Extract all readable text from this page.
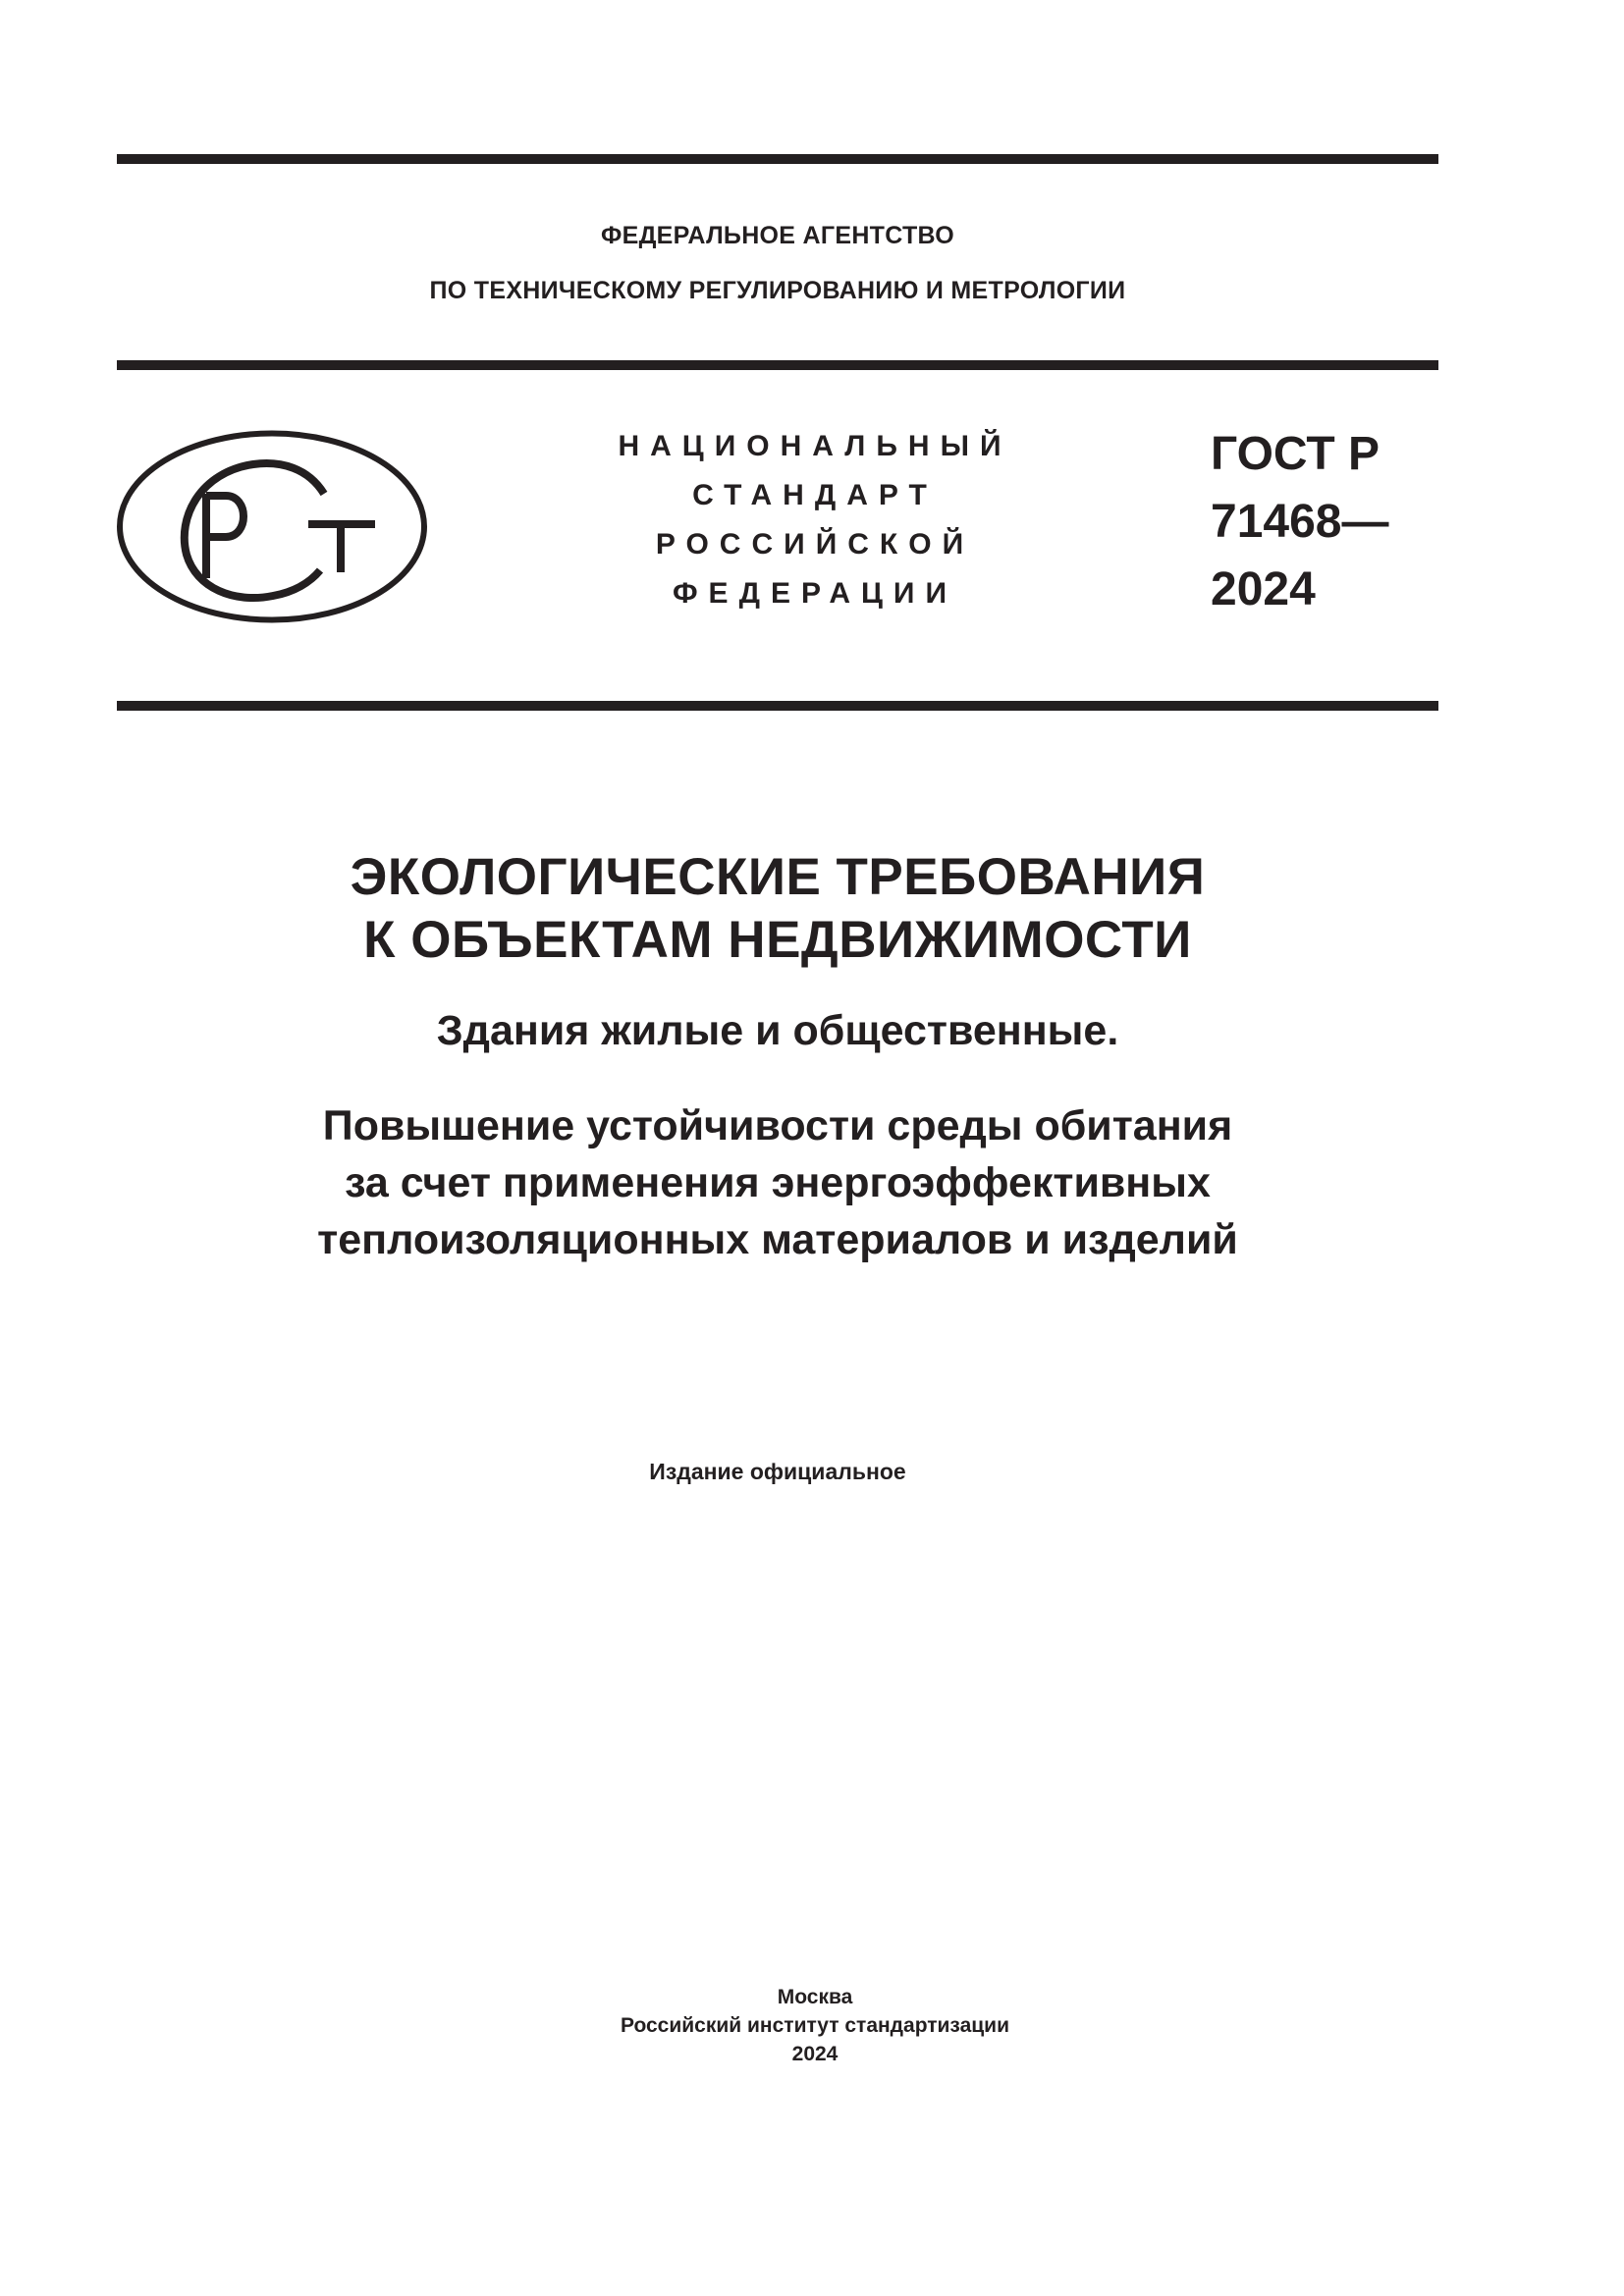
ФЕДЕРАЛЬНОЕ АГЕНТСТВО
ПО ТЕХНИЧЕСКОМУ РЕГУЛИРОВАНИЮ И МЕТРОЛОГИИ
НАЦИОНАЛЬНЫЙ
СТАНДАРТ
РОССИЙСКОЙ
ФЕДЕРАЦИИ
ГОСТ Р
71468—
2024
ЭКОЛОГИЧЕСКИЕ ТРЕБОВАНИЯ
К ОБЪЕКТАМ НЕДВИЖИМОСТИ
Здания жилые и общественные.
Повышение устойчивости среды обитания
за счет применения энергоэффективных
теплоизоляционных материалов и изделий
Издание официальное
Москва
Российский институт стандартизации
2024
